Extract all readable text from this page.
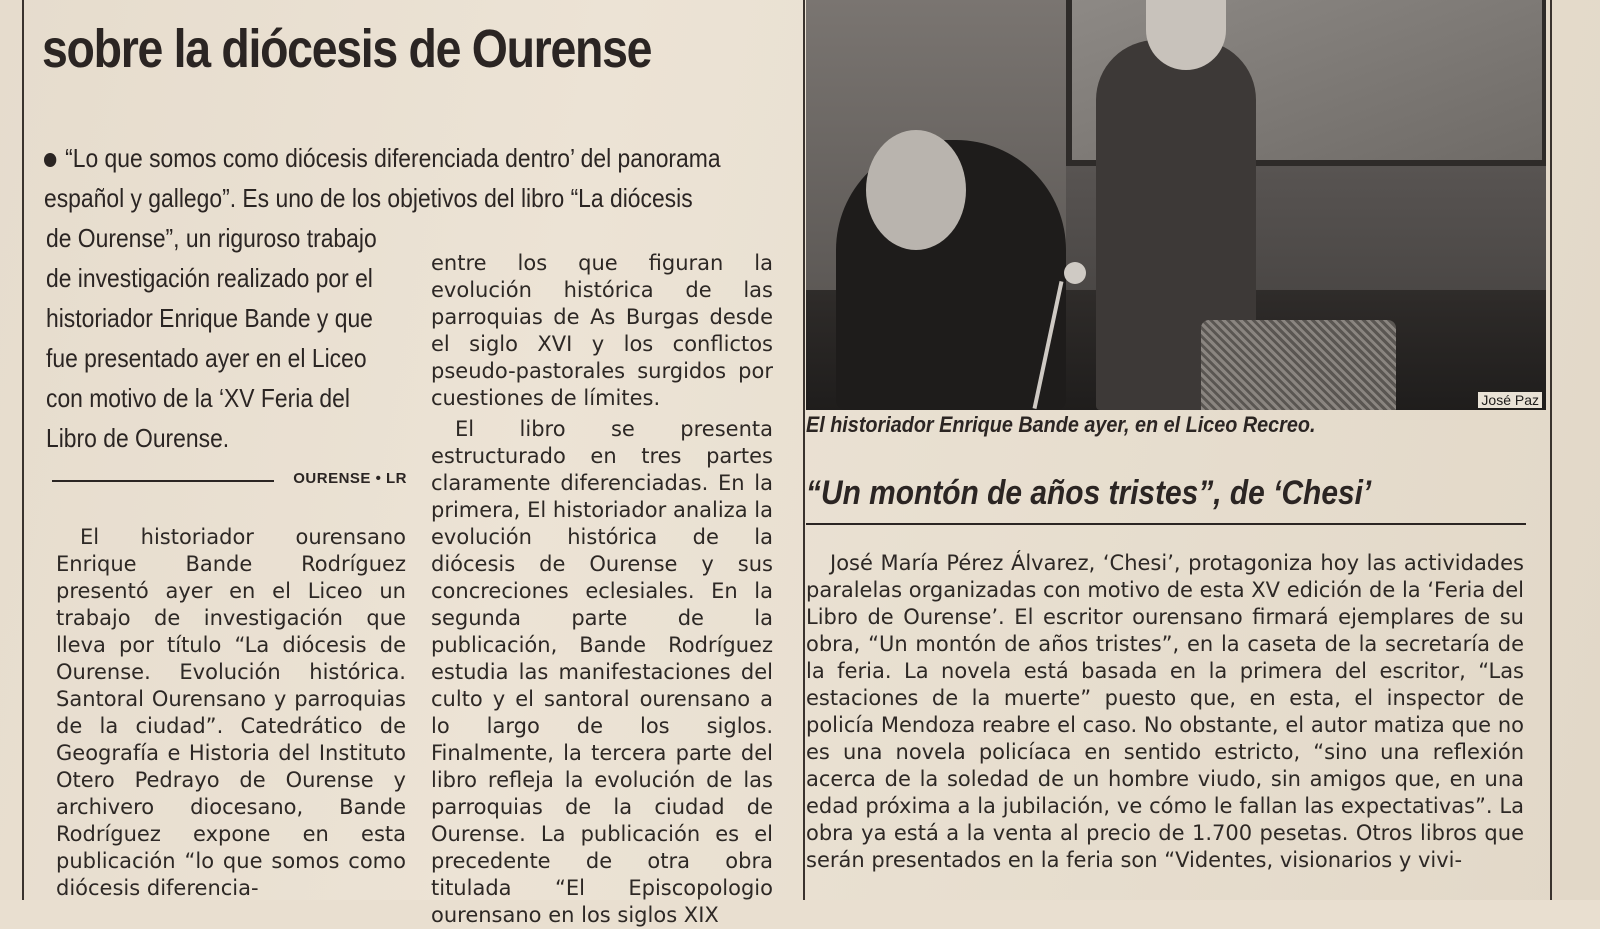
sobre la diócesis de Ourense
“Lo que somos como diócesis diferenciada dentro’ del panorama
español y gallego”. Es uno de los objetivos del libro “La diócesis
de Ourense”, un riguroso trabajo de investigación realizado por el historiador Enrique Bande y que fue presentado ayer en el Liceo con motivo de la ‘XV Feria del Libro de Ourense.
OURENSE • LR

El historiador ourensano Enrique Bande Rodríguez presentó ayer en el Liceo un trabajo de investigación que lleva por título “La diócesis de Ourense. Evolución histórica. Santoral Ourensano y parroquias de la ciudad”. Catedrático de Geografía e Historia del Instituto Otero Pedrayo de Ourense y archivero diocesano, Bande Rodríguez expone en esta publicación “lo que somos como diócesis diferencia-

entre los que figuran la evolución histórica de las parroquias de As Burgas desde el siglo XVI y los conflictos pseudo-pastorales surgidos por cuestiones de límites.

El libro se presenta estructurado en tres partes claramente diferenciadas. En la primera, El historiador analiza la evolución histórica de la diócesis de Ourense y sus concreciones eclesiales. En la segunda parte de la publicación, Bande Rodríguez estudia las manifestaciones del culto y el santoral ourensano a lo largo de los siglos. Finalmente, la tercera parte del libro refleja la evolución de las parroquias de la ciudad de Ourense. La publicación es el precedente de otra obra titulada “El Episcopologio ourensano en los siglos XIX

José Paz
El historiador Enrique Bande ayer, en el Liceo Recreo.
“Un montón de años tristes”, de ‘Chesi’

José María Pérez Álvarez, ‘Chesi’, protagoniza hoy las actividades paralelas organizadas con motivo de esta XV edición de la ‘Feria del Libro de Ourense’. El escritor ourensano firmará ejemplares de su obra, “Un montón de años tristes”, en la caseta de la secretaría de la feria. La novela está basada en la primera del escritor, “Las estaciones de la muerte” puesto que, en esta, el inspector de policía Mendoza reabre el caso. No obstante, el autor matiza que no es una novela policíaca en sentido estricto, “sino una reflexión acerca de la soledad de un hombre viudo, sin amigos que, en una edad próxima a la jubilación, ve cómo le fallan las expectativas”. La obra ya está a la venta al precio de 1.700 pesetas. Otros libros que serán presentados en la feria son “Videntes, visionarios y vivi-
